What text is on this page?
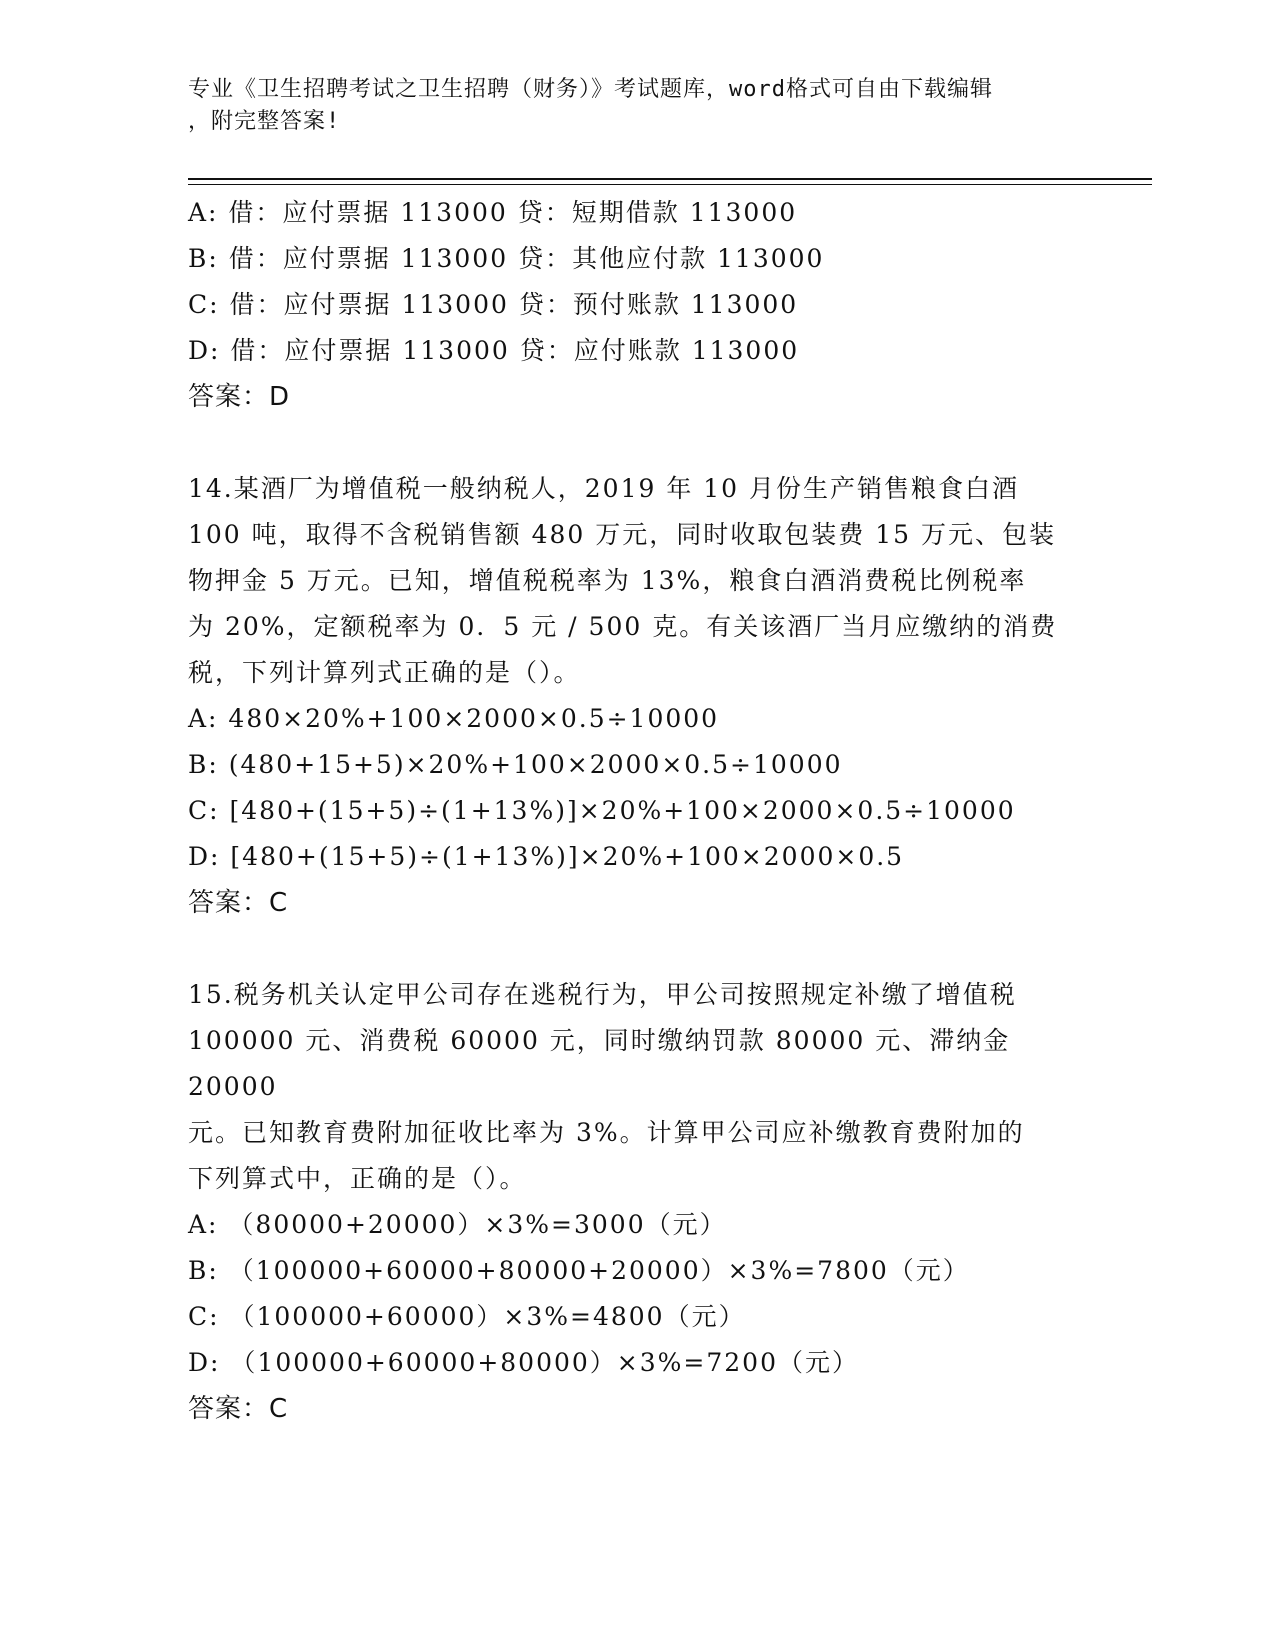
专业《卫生招聘考试之卫生招聘（财务）》考试题库，word格式可自由下载编辑
，附完整答案!
A: 借：应付票据 113000 贷：短期借款 113000
B: 借：应付票据 113000 贷：其他应付款 113000
C: 借：应付票据 113000 贷：预付账款 113000
D: 借：应付票据 113000 贷：应付账款 113000
答案：D
14.某酒厂为增值税一般纳税人，2019 年 10 月份生产销售粮食白酒
100 吨，取得不含税销售额 480 万元，同时收取包装费 15 万元、包装
物押金 5 万元。已知，增值税税率为 13%，粮食白酒消费税比例税率
为 20%，定额税率为 0．5 元 / 500 克。有关该酒厂当月应缴纳的消费
税，下列计算列式正确的是（）。
A: 480×20%+100×2000×0.5÷10000
B: (480+15+5)×20%+100×2000×0.5÷10000
C: [480+(15+5)÷(1+13%)]×20%+100×2000×0.5÷10000
D: [480+(15+5)÷(1+13%)]×20%+100×2000×0.5
答案：C
15.税务机关认定甲公司存在逃税行为，甲公司按照规定补缴了增值税
100000 元、消费税 60000 元，同时缴纳罚款 80000 元、滞纳金 20000
元。已知教育费附加征收比率为 3%。计算甲公司应补缴教育费附加的
下列算式中，正确的是（）。
A: （80000+20000）×3%=3000（元）
B: （100000+60000+80000+20000）×3%=7800（元）
C: （100000+60000）×3%=4800（元）
D: （100000+60000+80000）×3%=7200（元）
答案：C
